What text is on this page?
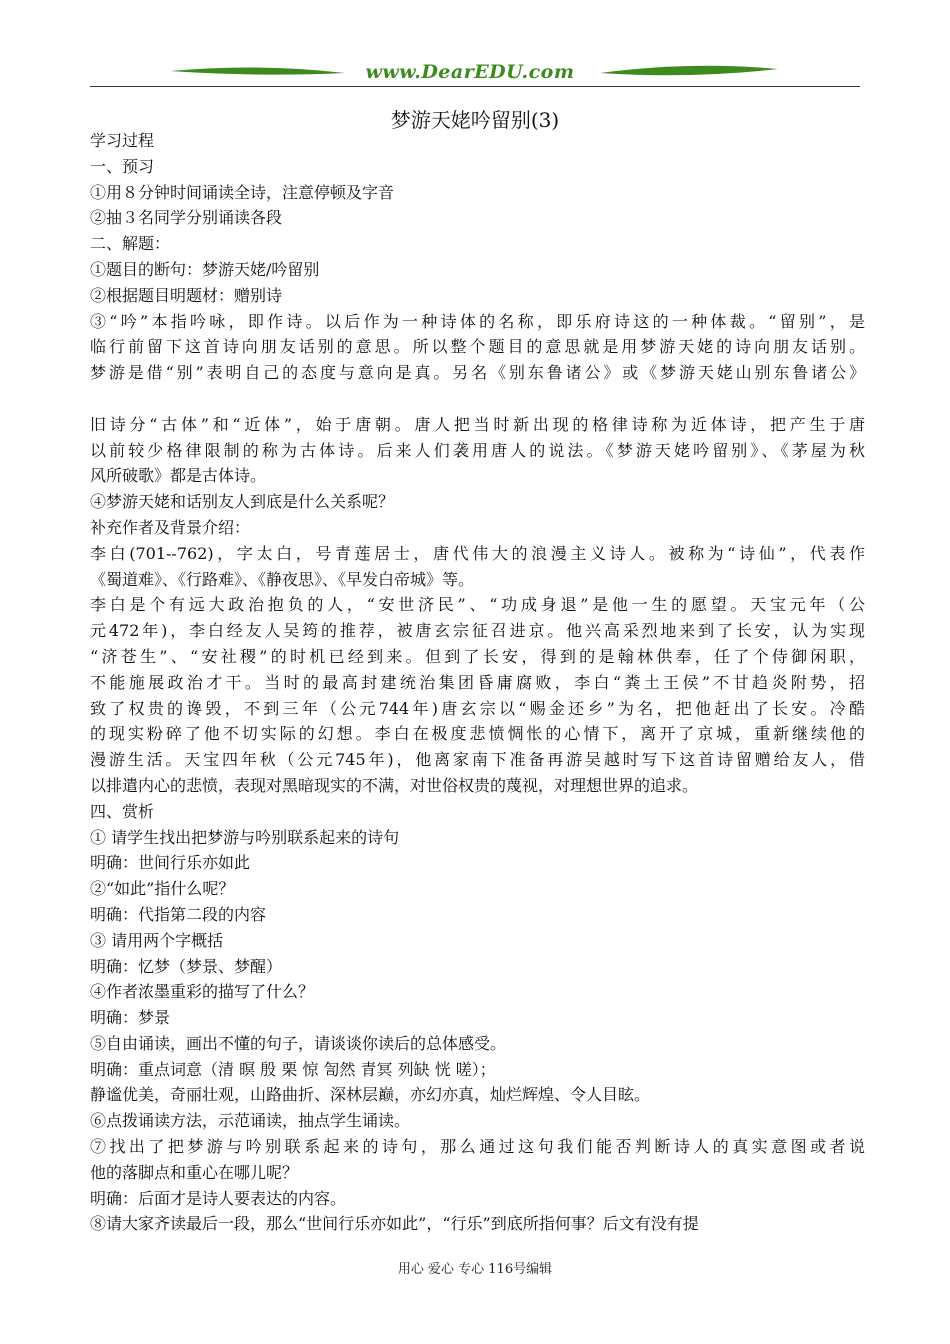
www.DearEDU.com
梦游天姥吟留别(3)
学习过程
一、预习
①用８分钟时间诵读全诗，注意停顿及字音
②抽３名同学分别诵读各段
二、解题：
①题目的断句：梦游天姥/吟留别
②根据题目明题材：赠别诗
③“吟”本指吟咏，即作诗。以后作为一种诗体的名称，即乐府诗这的一种体裁。“留别”，是
临行前留下这首诗向朋友话别的意思。所以整个题目的意思就是用梦游天姥的诗向朋友话别。
梦游是借“别”表明自己的态度与意向是真。另名《别东鲁诸公》或《梦游天姥山别东鲁诸公》
旧诗分“古体”和“近体”，始于唐朝。唐人把当时新出现的格律诗称为近体诗，把产生于唐
以前较少格律限制的称为古体诗。后来人们袭用唐人的说法。《梦游天姥吟留别》、《茅屋为秋
风所破歌》都是古体诗。
④梦游天姥和话别友人到底是什么关系呢？
补充作者及背景介绍：
李白(701--762)，字太白，号青莲居士，唐代伟大的浪漫主义诗人。被称为“诗仙”，代表作
《蜀道难》、《行路难》、《静夜思》、《早发白帝城》等。
李白是个有远大政治抱负的人，“安世济民”、“功成身退”是他一生的愿望。天宝元年（公
元472年)，李白经友人吴筠的推荐，被唐玄宗征召进京。他兴高采烈地来到了长安，认为实现
“济苍生”、“安社稷”的时机已经到来。但到了长安，得到的是翰林供奉，任了个侍御闲职，
不能施展政治才干。当时的最高封建统治集团昏庸腐败，李白“粪土王侯”不甘趋炎附势，招
致了权贵的谗毁，不到三年（公元744年)唐玄宗以“赐金还乡”为名，把他赶出了长安。冷酷
的现实粉碎了他不切实际的幻想。李白在极度悲愤惆怅的心情下，离开了京城，重新继续他的
漫游生活。天宝四年秋（公元745年)，他离家南下准备再游吴越时写下这首诗留赠给友人，借
以排遣内心的悲愤，表现对黑暗现实的不满，对世俗权贵的蔑视，对理想世界的追求。
四、赏析
① 请学生找出把梦游与吟别联系起来的诗句
明确：世间行乐亦如此
②“如此”指什么呢？
明确：代指第二段的内容
③ 请用两个字概括
明确：忆梦（梦景、梦醒）
④作者浓墨重彩的描写了什么？
明确：梦景
⑤自由诵读，画出不懂的句子，请谈谈你读后的总体感受。
明确：重点词意（清 暝 殷 栗 惊 訇然 青冥 列缺 恍 嗟）；
静谧优美，奇丽壮观，山路曲折、深林层巅，亦幻亦真，灿烂辉煌、令人目眩。
⑥点拨诵读方法，示范诵读，抽点学生诵读。
⑦找出了把梦游与吟别联系起来的诗句，那么通过这句我们能否判断诗人的真实意图或者说
他的落脚点和重心在哪儿呢？
明确：后面才是诗人要表达的内容。
⑧请大家齐读最后一段，那么“世间行乐亦如此”，“行乐”到底所指何事？后文有没有提
用心 爱心 专心 116号编辑
